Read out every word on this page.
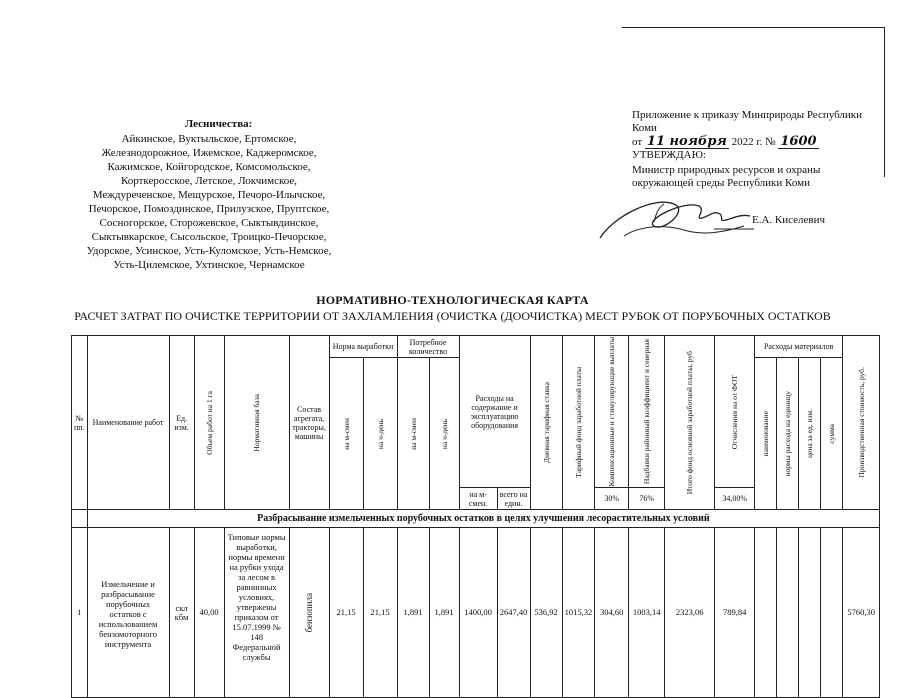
Лесничества:
Айкинское, Вуктыльское, Ертомское,
Железнодорожное, Ижемское, Каджеромское,
Кажимское, Койгородское, Комсомольское,
Корткеросское, Летское, Локчимское,
Междуреченское, Мещурское, Печоро-Илычское,
Печорское, Помоздинское, Прилузское, Пруптское,
Сосногорское, Сторожевское, Сыктывдинское,
Сыктывкарское, Сысольское, Троицко-Печорское,
Удорское, Усинское, Усть-Куломское, Усть-Немское,
Усть-Цилемское, Ухтинское, Чернамское
Приложение к приказу Минприроды Республики
Коми
от 11 ноября 2022 г. № 1600
УТВЕРЖДАЮ:
Министр природных ресурсов и охраны
окружающей среды Республики Коми
Е.А. Киселевич
НОРМАТИВНО-ТЕХНОЛОГИЧЕСКАЯ КАРТА
РАСЧЕТ ЗАТРАТ ПО ОЧИСТКЕ ТЕРРИТОРИИ ОТ ЗАХЛАМЛЕНИЯ (ОЧИСТКА (ДООЧИСТКА) МЕСТ РУБОК ОТ ПОРУБОЧНЫХ ОСТАТКОВ
№ пп.	Наименование работ	Ед. изм.	Объем работ на 1 га	Нормативная база	Состав агрегата, тракторы, машины	Норма выработки		Потребное количество		Расходы на содержание и эксплуатацию оборудования		Дневная тарифная ставка	Тарифный фонд заработной платы	Компенсационные и стимулирующие выплаты	Надбавки районный коэффициент и северная	Итого фонд основной заработной платы, руб	Отчисления на от ФОТ	Расходы материалов				Производственная стоимость, руб.

						на м-смен	на ч-день	на м-смен	на ч-день									наименование	нормы расхода на единицу	цена за ед. изм.	сумма	

										на м-смен.	всего на един.			30%	76%		34,00%					
	Разбрасывание измельченных порубочных остатков в целях улучшения лесорастительных условий																					
1	Измельчение и разбрасывание порубочных остатков с использованием бензомоторного инструмента	скл кбм	40,00	Типовые нормы выработки, нормы времени на рубки ухода за лесом в равнинных условиях, утвержены приказом от 15.07.1999 № 148 Федеральной службы	бензопила	21,15	21,15	1,891	1,891	1400,00	2647,40	536,92	1015,32	304,60	1003,14	2323,06	789,84					5760,30
